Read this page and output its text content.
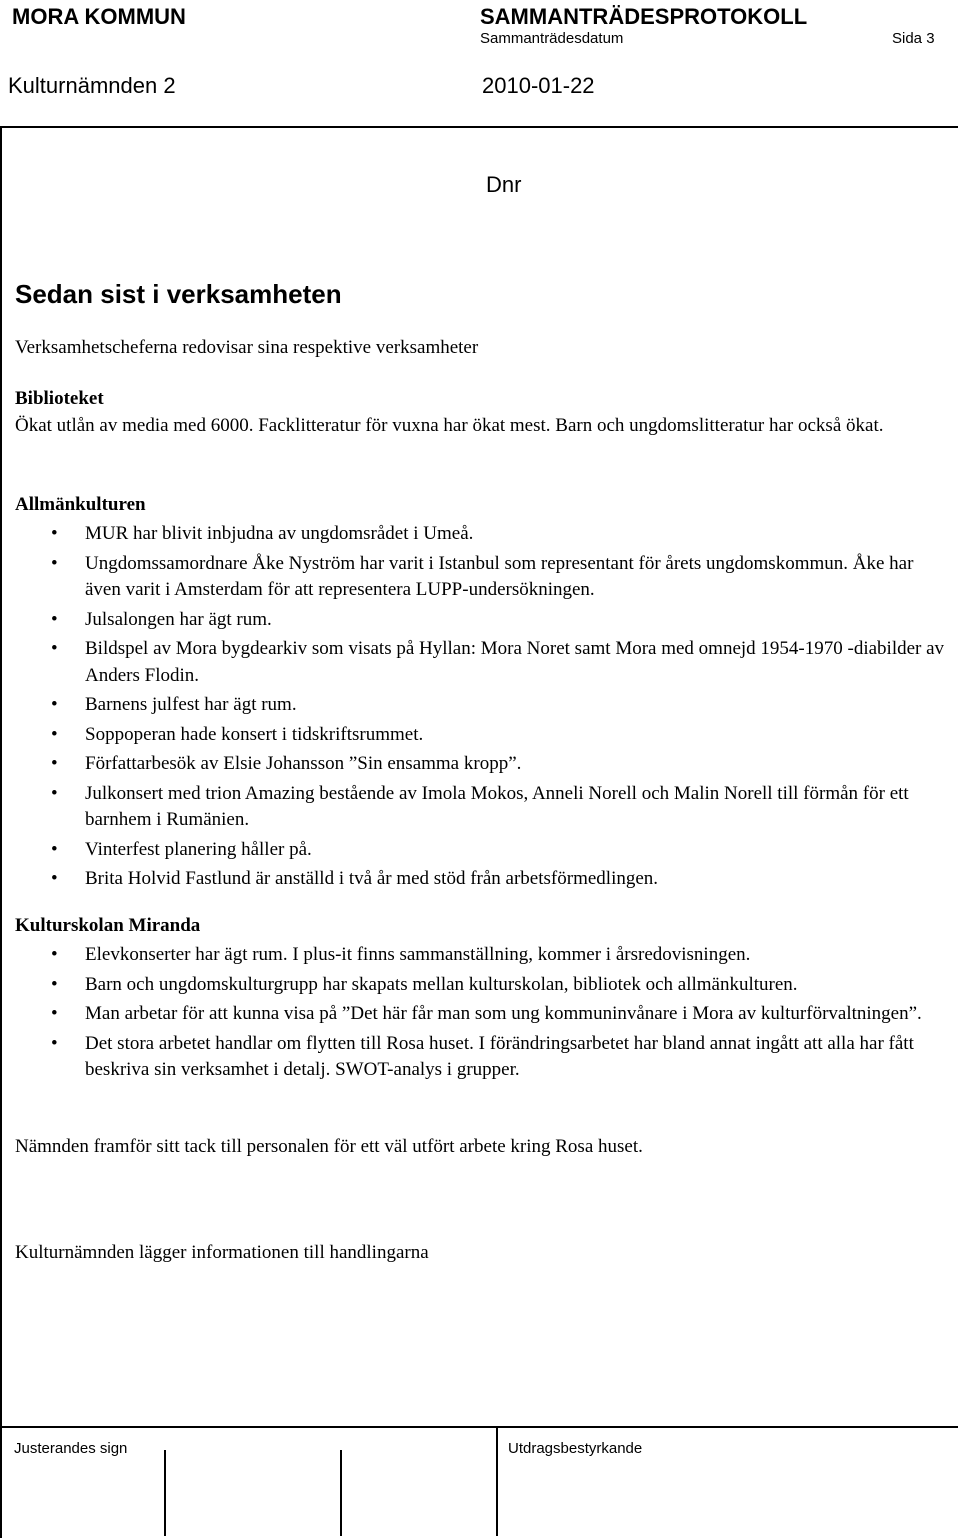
MORA KOMMUN	SAMMANTRÄDESPROTOKOLL
Sammanträdesdatum	Sida 3
Kulturnämnden 2	2010-01-22
Dnr
Sedan sist i verksamheten
Verksamhetscheferna redovisar sina respektive verksamheter
Biblioteket
Ökat utlån av media med 6000. Facklitteratur för vuxna har ökat mest. Barn och ungdomslitteratur har också ökat.
Allmänkulturen
• MUR har blivit inbjudna av ungdomsrådet i Umeå.
• Ungdomssamordnare Åke Nyström har varit i Istanbul som representant för årets ungdomskommun. Åke har även varit i Amsterdam för att representera LUPP-undersökningen.
• Julsalongen har ägt rum.
• Bildspel av Mora bygdearkiv som visats på Hyllan: Mora Noret samt Mora med omnejd 1954-1970 -diabilder av Anders Flodin.
• Barnens julfest har ägt rum.
• Soppoperan hade konsert i tidskriftsrummet.
• Författarbesök av Elsie Johansson ”Sin ensamma kropp”.
• Julkonsert med trion Amazing bestående av Imola Mokos, Anneli Norell och Malin Norell till förmån för ett barnhem i Rumänien.
• Vinterfest planering håller på.
• Brita Holvid Fastlund är anställd i två år med stöd från arbetsförmedlingen.
Kulturskolan Miranda
• Elevkonserter har ägt rum. I plus-it finns sammanställning, kommer i årsredovisningen.
• Barn och ungdomskulturgrupp har skapats mellan kulturskolan, bibliotek och allmänkulturen.
• Man arbetar för att kunna visa på ”Det här får man som ung kommuninvånare i Mora av kulturförvaltningen”.
• Det stora arbetet handlar om flytten till Rosa huset. I förändringsarbetet har bland annat ingått att alla har fått beskriva sin verksamhet i detalj. SWOT-analys i grupper.
Nämnden framför sitt tack till personalen för ett väl utfört arbete kring Rosa huset.
Kulturnämnden lägger informationen till handlingarna
Justerandes sign	Utdragsbestyrkande
